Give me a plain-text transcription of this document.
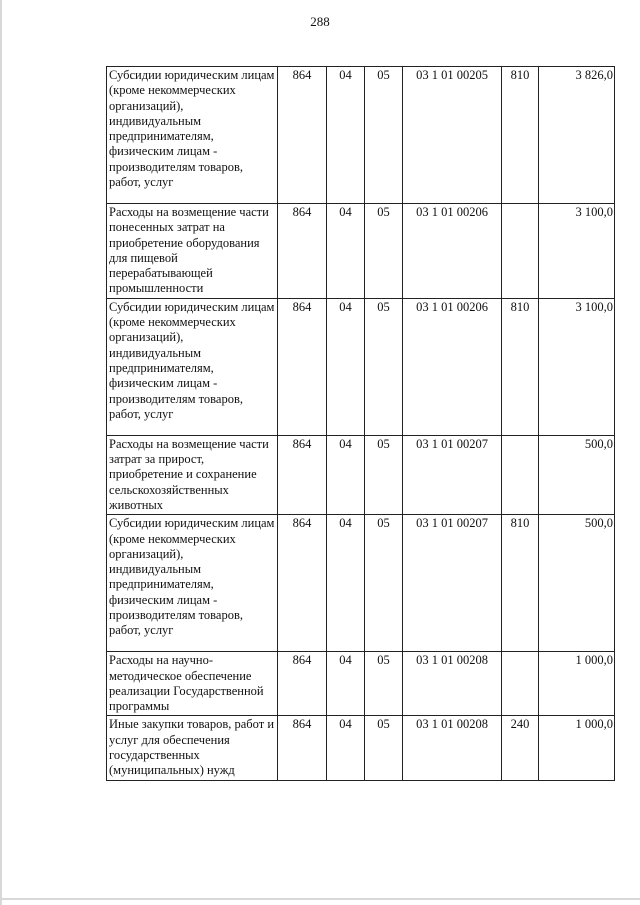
288
Субсидии юридическим лицам (кроме некоммерческих организаций), индивидуальным предпринимателям, физическим лицам - производителям товаров, работ, услуг	864	04	05	03 1 01 00205	810	3 826,0
Расходы на возмещение части понесенных затрат на приобретение оборудования для пищевой перерабатывающей промышленности	864	04	05	03 1 01 00206		3 100,0
Субсидии юридическим лицам (кроме некоммерческих организаций), индивидуальным предпринимателям, физическим лицам - производителям товаров, работ, услуг	864	04	05	03 1 01 00206	810	3 100,0
Расходы на возмещение части затрат за прирост, приобретение и сохранение сельскохозяйственных животных	864	04	05	03 1 01 00207		500,0
Субсидии юридическим лицам (кроме некоммерческих организаций), индивидуальным предпринимателям, физическим лицам - производителям товаров, работ, услуг	864	04	05	03 1 01 00207	810	500,0
Расходы на научно-методическое обеспечение реализации Государственной программы	864	04	05	03 1 01 00208		1 000,0
Иные закупки товаров, работ и услуг для обеспечения государственных (муниципальных) нужд	864	04	05	03 1 01 00208	240	1 000,0
